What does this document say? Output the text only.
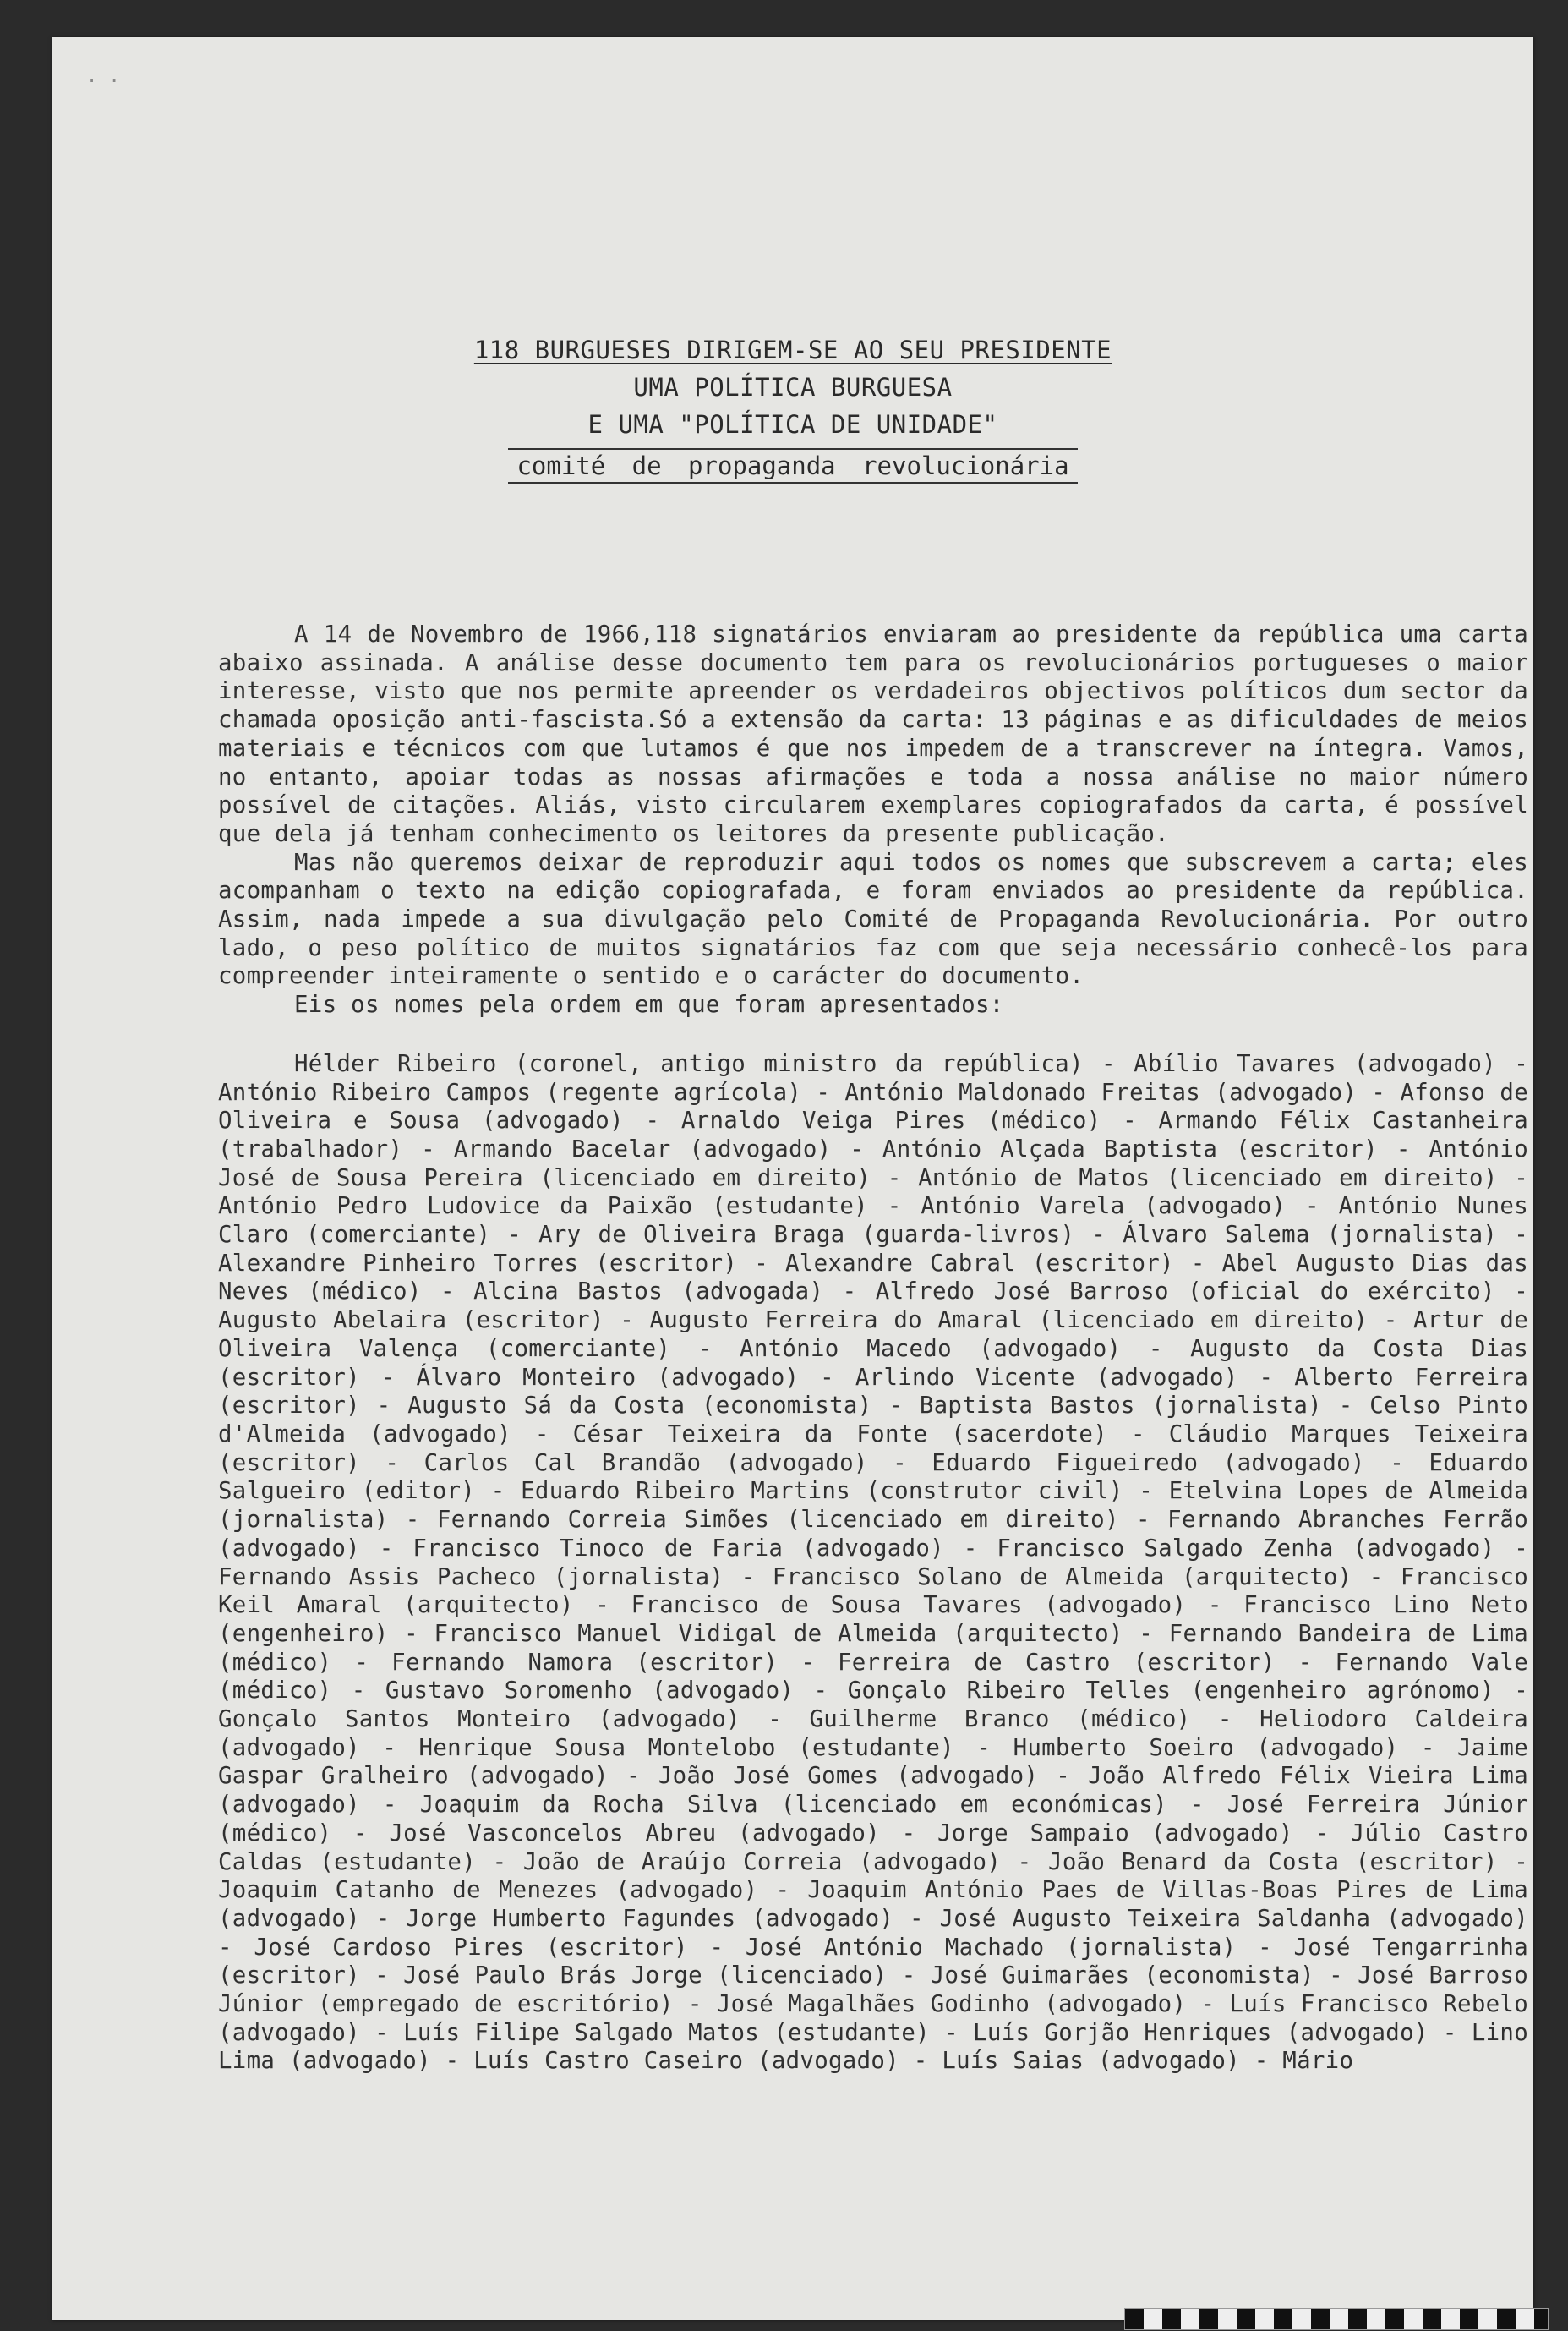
· ·
118 BURGUESES DIRIGEM-SE AO SEU PRESIDENTE
UMA POLÍTICA BURGUESA
E UMA "POLÍTICA DE UNIDADE"
comité de propaganda revolucionária

A 14 de Novembro de 1966,118 signatários enviaram ao presidente da república uma carta abaixo assinada. A análise desse documento tem para os revolucionários portugueses o maior interesse, visto que nos permite apreender os verdadeiros objectivos políticos dum sector da chamada oposição anti-fascista.Só a extensão da carta: 13 páginas e as dificuldades de meios materiais e técnicos com que lutamos é que nos impedem de a transcrever na íntegra. Vamos, no entanto, apoiar todas as nossas afirmações e toda a nossa análise no maior número possível de citações. Aliás, visto circularem exemplares copiografados da carta, é possível que dela já tenham conhecimento os leitores da presente publicação.

Mas não queremos deixar de reproduzir aqui todos os nomes que subscrevem a carta; eles acompanham o texto na edição copiografada, e foram enviados ao presidente da república. Assim, nada impede a sua divulgação pelo Comité de Propaganda Revolucionária. Por outro lado, o peso político de muitos signatários faz com que seja necessário conhecê-los para compreender inteiramente o sentido e o carácter do documento.

Eis os nomes pela ordem em que foram apresentados:

Hélder Ribeiro (coronel, antigo ministro da república) - Abílio Tavares (advogado) - António Ribeiro Campos (regente agrícola) - António Maldonado Freitas (advogado) - Afonso de Oliveira e Sousa (advogado) - Arnaldo Veiga Pires (médico) - Armando Félix Castanheira (trabalhador) - Armando Bacelar (advogado) - António Alçada Baptista (escritor) - António José de Sousa Pereira (licenciado em direito) - António de Matos (licenciado em direito) - António Pedro Ludovice da Paixão (estudante) - António Varela (advogado) - António Nunes Claro (comerciante) - Ary de Oliveira Braga (guarda-livros) - Álvaro Salema (jornalista) - Alexandre Pinheiro Torres (escritor) - Alexandre Cabral (escritor) - Abel Augusto Dias das Neves (médico) - Alcina Bastos (advogada) - Alfredo José Barroso (oficial do exército) - Augusto Abelaira (escritor) - Augusto Ferreira do Amaral (licenciado em direito) - Artur de Oliveira Valença (comerciante) - António Macedo (advogado) - Augusto da Costa Dias (escritor) - Álvaro Monteiro (advogado) - Arlindo Vicente (advogado) - Alberto Ferreira (escritor) - Augusto Sá da Costa (economista) - Baptista Bastos (jornalista) - Celso Pinto d'Almeida (advogado) - César Teixeira da Fonte (sacerdote) - Cláudio Marques Teixeira (escritor) - Carlos Cal Brandão (advogado) - Eduardo Figueiredo (advogado) - Eduardo Salgueiro (editor) - Eduardo Ribeiro Martins (construtor civil) - Etelvina Lopes de Almeida (jornalista) - Fernando Correia Simões (licenciado em direito) - Fernando Abranches Ferrão (advogado) - Francisco Tinoco de Faria (advogado) - Francisco Salgado Zenha (advogado) - Fernando Assis Pacheco (jornalista) - Francisco Solano de Almeida (arquitecto) - Francisco Keil Amaral (arquitecto) - Francisco de Sousa Tavares (advogado) - Francisco Lino Neto (engenheiro) - Francisco Manuel Vidigal de Almeida (arquitecto) - Fernando Bandeira de Lima (médico) - Fernando Namora (escritor) - Ferreira de Castro (escritor) - Fernando Vale (médico) - Gustavo Soromenho (advogado) - Gonçalo Ribeiro Telles (engenheiro agrónomo) - Gonçalo Santos Monteiro (advogado) - Guilherme Branco (médico) - Heliodoro Caldeira (advogado) - Henrique Sousa Montelobo (estudante) - Humberto Soeiro (advogado) - Jaime Gaspar Gralheiro (advogado) - João José Gomes (advogado) - João Alfredo Félix Vieira Lima (advogado) - Joaquim da Rocha Silva (licenciado em económicas) - José Ferreira Júnior (médico) - José Vasconcelos Abreu (advogado) - Jorge Sampaio (advogado) - Júlio Castro Caldas (estudante) - João de Araújo Correia (advogado) - João Benard da Costa (escritor) - Joaquim Catanho de Menezes (advogado) - Joaquim António Paes de Villas-Boas Pires de Lima (advogado) - Jorge Humberto Fagundes (advogado) - José Augusto Teixeira Saldanha (advogado) - José Cardoso Pires (escritor) - José António Machado (jornalista) - José Tengarrinha (escritor) - José Paulo Brás Jorge (licenciado) - José Guimarães (economista) - José Barroso Júnior (empregado de escritório) - José Magalhães Godinho (advogado) - Luís Francisco Rebelo (advogado) - Luís Filipe Salgado Matos (estudante) - Luís Gorjão Henriques (advogado) - Lino Lima (advogado) - Luís Castro Caseiro (advogado) - Luís Saias (advogado) - Mário
